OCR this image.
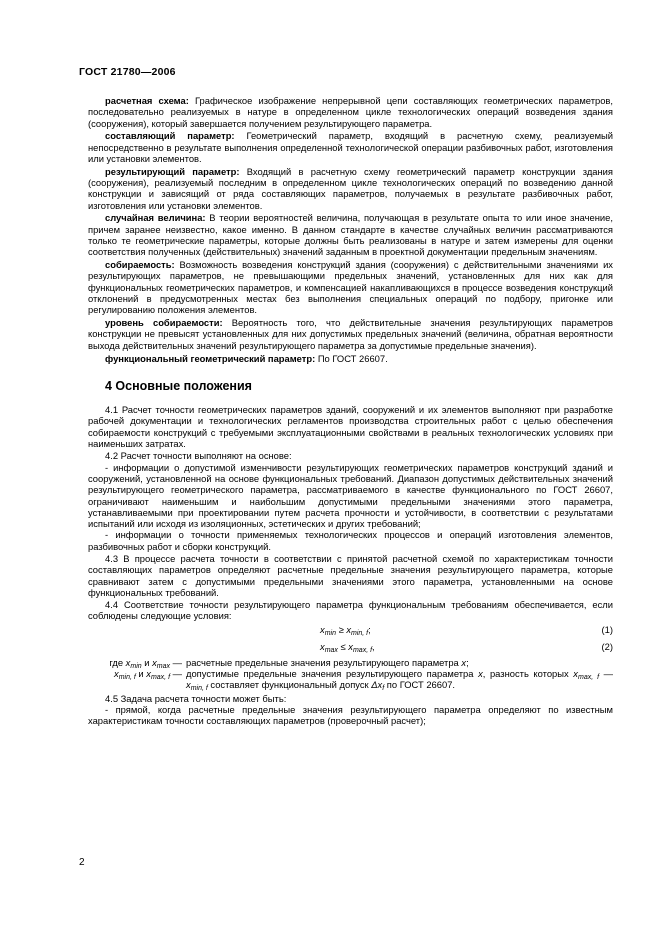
ГОСТ 21780—2006

расчетная схема: Графическое изображение непрерывной цепи составляющих геометрических параметров, последовательно реализуемых в натуре в определенном цикле технологических операций возведения здания (сооружения), который завершается получением результирующего параметра.

составляющий параметр: Геометрический параметр, входящий в расчетную схему, реализуемый непосредственно в результате выполнения определенной технологической операции разбивочных работ, изготовления или установки элементов.

результирующий параметр: Входящий в расчетную схему геометрический параметр конструкции здания (сооружения), реализуемый последним в определенном цикле технологических операций по возведению данной конструкции и зависящий от ряда составляющих параметров, получаемых в результате разбивочных работ, изготовления или установки элементов.

случайная величина: В теории вероятностей величина, получающая в результате опыта то или иное значение, причем заранее неизвестно, какое именно. В данном стандарте в качестве случайных величин рассматриваются только те геометрические параметры, которые должны быть реализованы в натуре и затем измерены для оценки соответствия полученных (действительных) значений заданным в проектной документации предельным значениям.

собираемость: Возможность возведения конструкций здания (сооружения) с действительными значениями их результирующих параметров, не превышающими предельных значений, установленных для них как для функциональных геометрических параметров, и компенсацией накапливающихся в процессе возведения конструкций отклонений в предусмотренных местах без выполнения специальных операций по подбору, пригонке или регулированию положения элементов.

уровень собираемости: Вероятность того, что действительные значения результирующих параметров конструкции не превысят установленных для них допустимых предельных значений (величина, обратная вероятности выхода действительных значений результирующего параметра за допустимые предельные значения).

функциональный геометрический параметр: По ГОСТ 26607.

4 Основные положения

4.1 Расчет точности геометрических параметров зданий, сооружений и их элементов выполняют при разработке рабочей документации и технологических регламентов производства строительных работ с целью обеспечения собираемости конструкций с требуемыми эксплуатационными свойствами в реальных технологических условиях при наименьших затратах.

4.2 Расчет точности выполняют на основе:

- информации о допустимой изменчивости результирующих геометрических параметров конструкций зданий и сооружений, установленной на основе функциональных требований. Диапазон допустимых действительных значений результирующего геометрического параметра, рассматриваемого в качестве функционального по ГОСТ 26607, ограничивают наименьшим и наибольшим допустимыми предельными значениями этого параметра, устанавливаемыми при проектировании путем расчета прочности и устойчивости, в соответствии с результатами испытаний или исходя из изоляционных, эстетических и других требований;

- информации о точности применяемых технологических процессов и операций изготовления элементов, разбивочных работ и сборки конструкций.

4.3 В процессе расчета точности в соответствии с принятой расчетной схемой по характеристикам точности составляющих параметров определяют расчетные предельные значения результирующего параметра, которые сравнивают затем с допустимыми предельными значениями этого параметра, установленными на основе функциональных требований.

4.4 Соответствие точности результирующего параметра функциональным требованиям обеспечивается, если соблюдены следующие условия:

$x_{min} \ge x_{min, f}$;	(1)
$x_{max} \le x_{max, f}$,	(2)
где $x_{min}$ и $x_{max}$ — расчетные предельные значения результирующего параметра x;
$x_{min, f}$ и $x_{max, f}$ — допустимые предельные значения результирующего параметра x, разность которых $x_{max, f}$ — $x_{min, f}$ составляет функциональный допуск $\Delta x_f$ по ГОСТ 26607.

4.5 Задача расчета точности может быть:

- прямой, когда расчетные предельные значения результирующего параметра определяют по известным характеристикам точности составляющих параметров (проверочный расчет);

2
